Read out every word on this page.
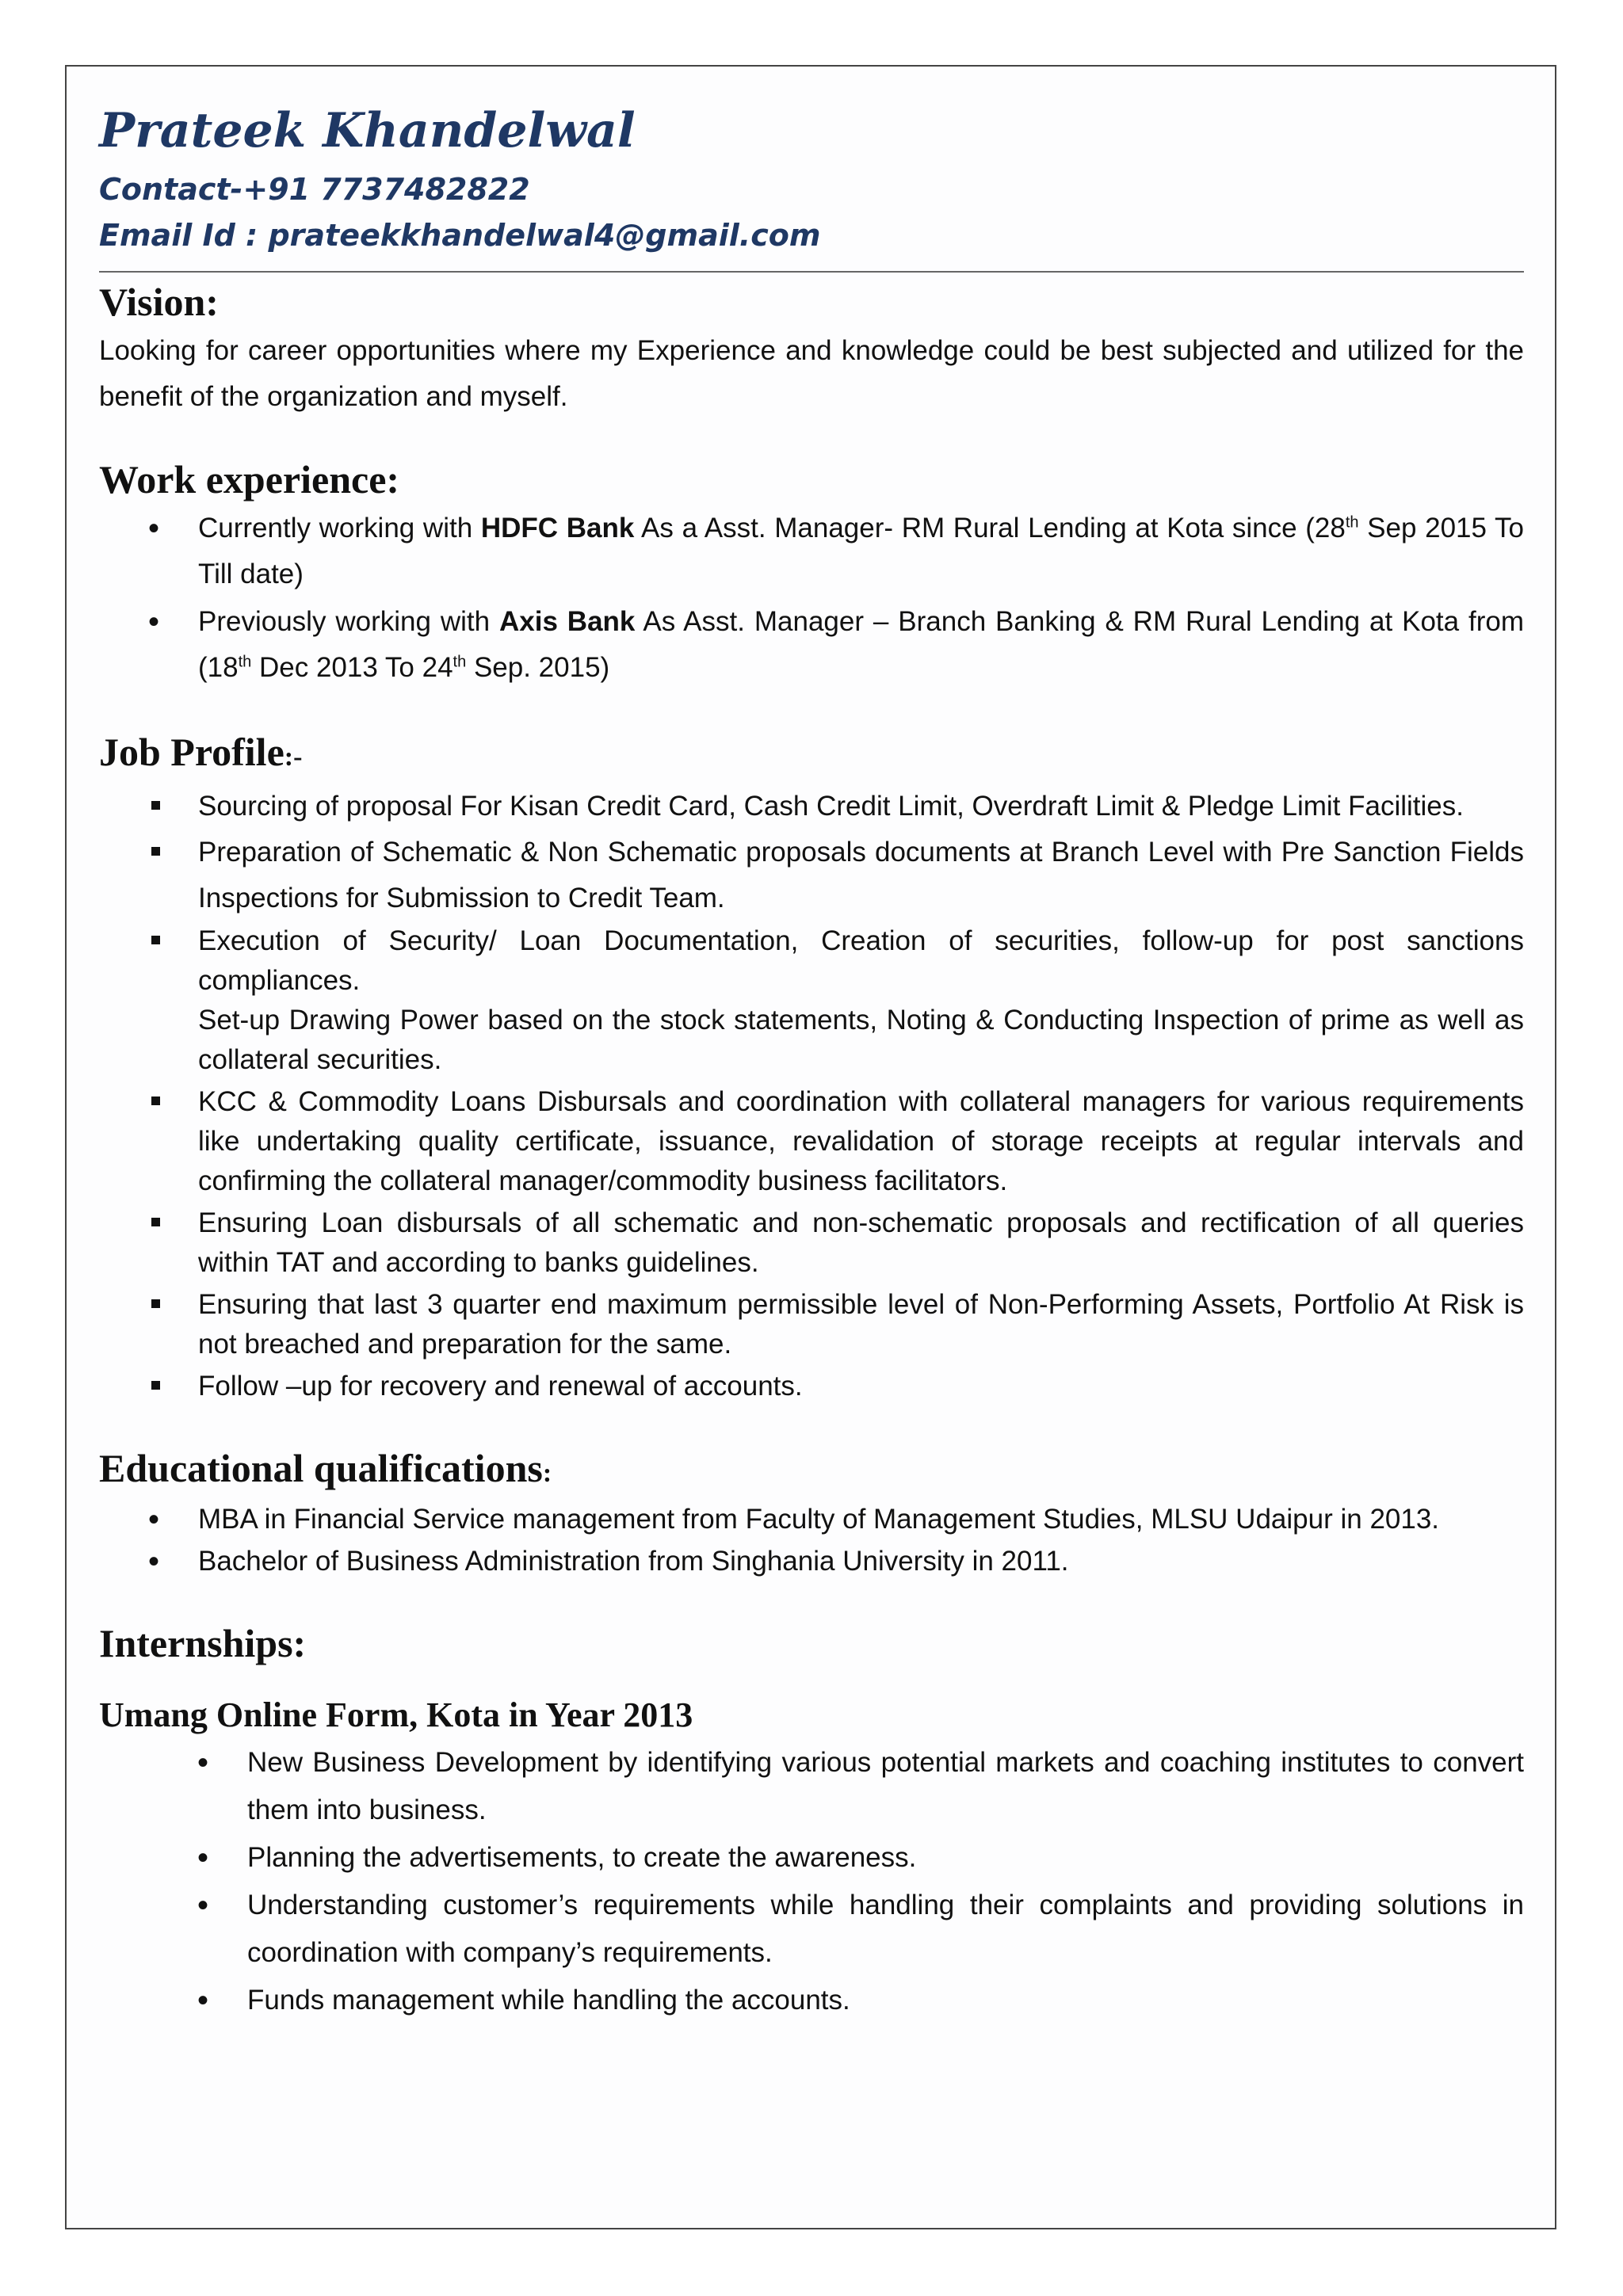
Prateek Khandelwal

Contact-+91 7737482822

Email Id : prateekkhandelwal4@gmail.com

Vision:

Looking for career opportunities where my Experience and knowledge could be best subjected and utilized for the benefit of the organization and myself.

Work experience:
• Currently working with HDFC Bank As a Asst. Manager- RM Rural Lending at Kota since (28th Sep 2015 To Till date)
• Previously working with Axis Bank As Asst. Manager – Branch Banking & RM Rural Lending at Kota from (18th Dec 2013 To 24th Sep. 2015)
Job Profile:-
Sourcing of proposal For Kisan Credit Card, Cash Credit Limit, Overdraft Limit & Pledge Limit Facilities.
Preparation of Schematic & Non Schematic proposals documents at Branch Level with Pre Sanction Fields Inspections for Submission to Credit Team.
Execution of Security/ Loan Documentation, Creation of securities, follow-up for post sanctions compliances.
Set-up Drawing Power based on the stock statements, Noting & Conducting Inspection of prime as well as collateral securities.
KCC & Commodity Loans Disbursals and coordination with collateral managers for various requirements like undertaking quality certificate, issuance, revalidation of storage receipts at regular intervals and confirming the collateral manager/commodity business facilitators.
Ensuring Loan disbursals of all schematic and non-schematic proposals and rectification of all queries within TAT and according to banks guidelines.
Ensuring that last 3 quarter end maximum permissible level of Non-Performing Assets, Portfolio At Risk is not breached and preparation for the same.
Follow –up for recovery and renewal of accounts.
Educational qualifications:
• MBA in Financial Service management from Faculty of Management Studies, MLSU Udaipur in 2013.
• Bachelor of Business Administration from Singhania University in 2011.
Internships:
Umang Online Form, Kota in Year 2013
• New Business Development by identifying various potential markets and coaching institutes to convert them into business.
• Planning the advertisements, to create the awareness.
• Understanding customer’s requirements while handling their complaints and providing solutions in coordination with company’s requirements.
• Funds management while handling the accounts.
